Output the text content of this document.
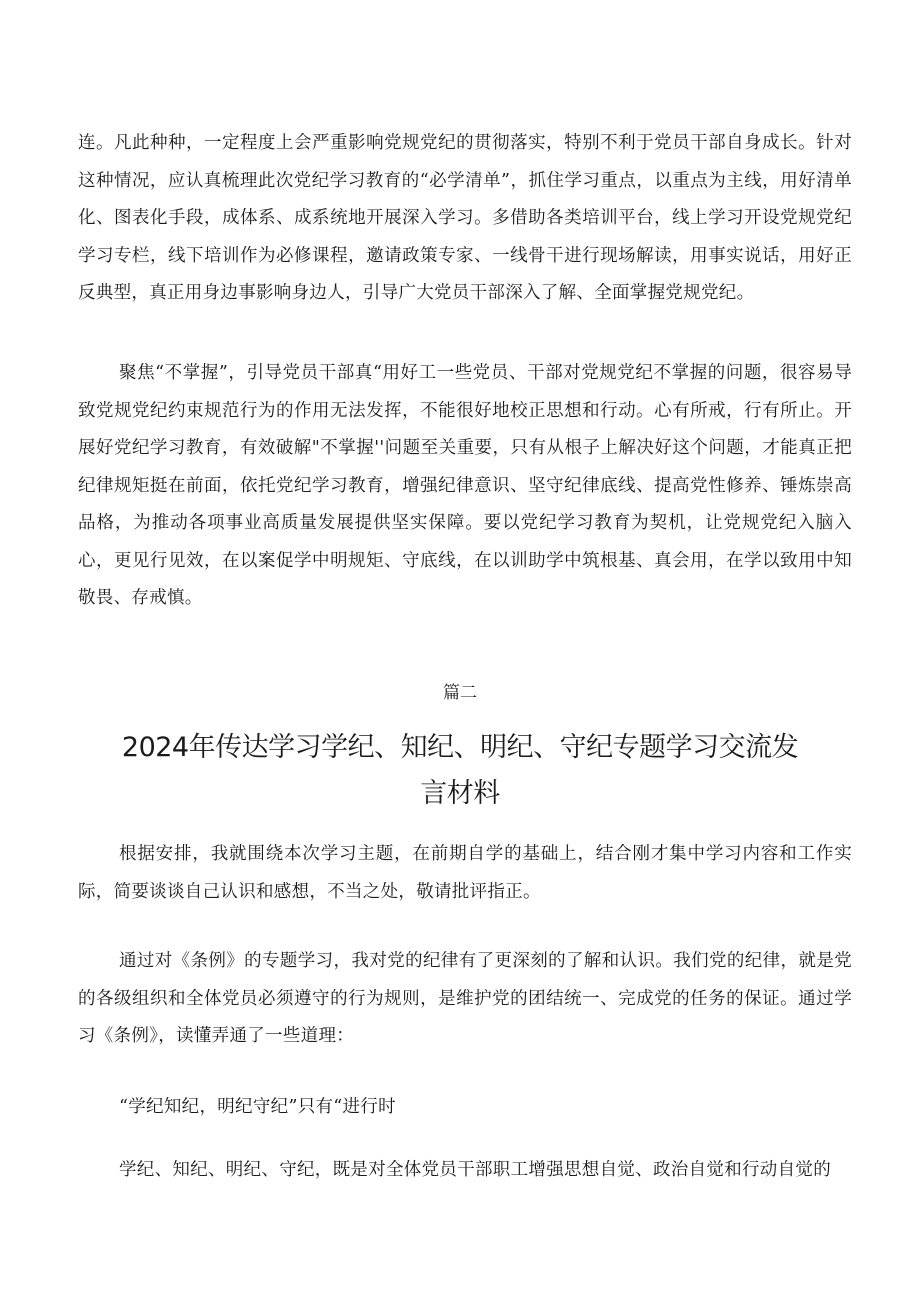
连。凡此种种，一定程度上会严重影响党规党纪的贯彻落实，特别不利于党员干部自身成长。针对这种情况，应认真梳理此次党纪学习教育的“必学清单”，抓住学习重点，以重点为主线，用好清单化、图表化手段，成体系、成系统地开展深入学习。多借助各类培训平台，线上学习开设党规党纪学习专栏，线下培训作为必修课程，邀请政策专家、一线骨干进行现场解读，用事实说话，用好正反典型，真正用身边事影响身边人，引导广大党员干部深入了解、全面掌握党规党纪。

聚焦“不掌握”，引导党员干部真“用好工一些党员、干部对党规党纪不掌握的问题，很容易导致党规党纪约束规范行为的作用无法发挥，不能很好地校正思想和行动。心有所戒，行有所止。开展好党纪学习教育，有效破解"不掌握''问题至关重要，只有从根子上解决好这个问题，才能真正把纪律规矩挺在前面，依托党纪学习教育，增强纪律意识、坚守纪律底线、提高党性修养、锤炼崇高品格，为推动各项事业高质量发展提供坚实保障。要以党纪学习教育为契机，让党规党纪入脑入心，更见行见效，在以案促学中明规矩、守底线，在以训助学中筑根基、真会用，在学以致用中知敬畏、存戒慎。

篇二

2024年传达学习学纪、知纪、明纪、守纪专题学习交流发
言材料

根据安排，我就围绕本次学习主题，在前期自学的基础上，结合刚才集中学习内容和工作实际，简要谈谈自己认识和感想，不当之处，敬请批评指正。

通过对《条例》的专题学习，我对党的纪律有了更深刻的了解和认识。我们党的纪律，就是党的各级组织和全体党员必须遵守的行为规则，是维护党的团结统一、完成党的任务的保证。通过学习《条例》，读懂弄通了一些道理：

“学纪知纪，明纪守纪”只有“进行时

学纪、知纪、明纪、守纪，既是对全体党员干部职工增强思想自觉、政治自觉和行动自觉的
